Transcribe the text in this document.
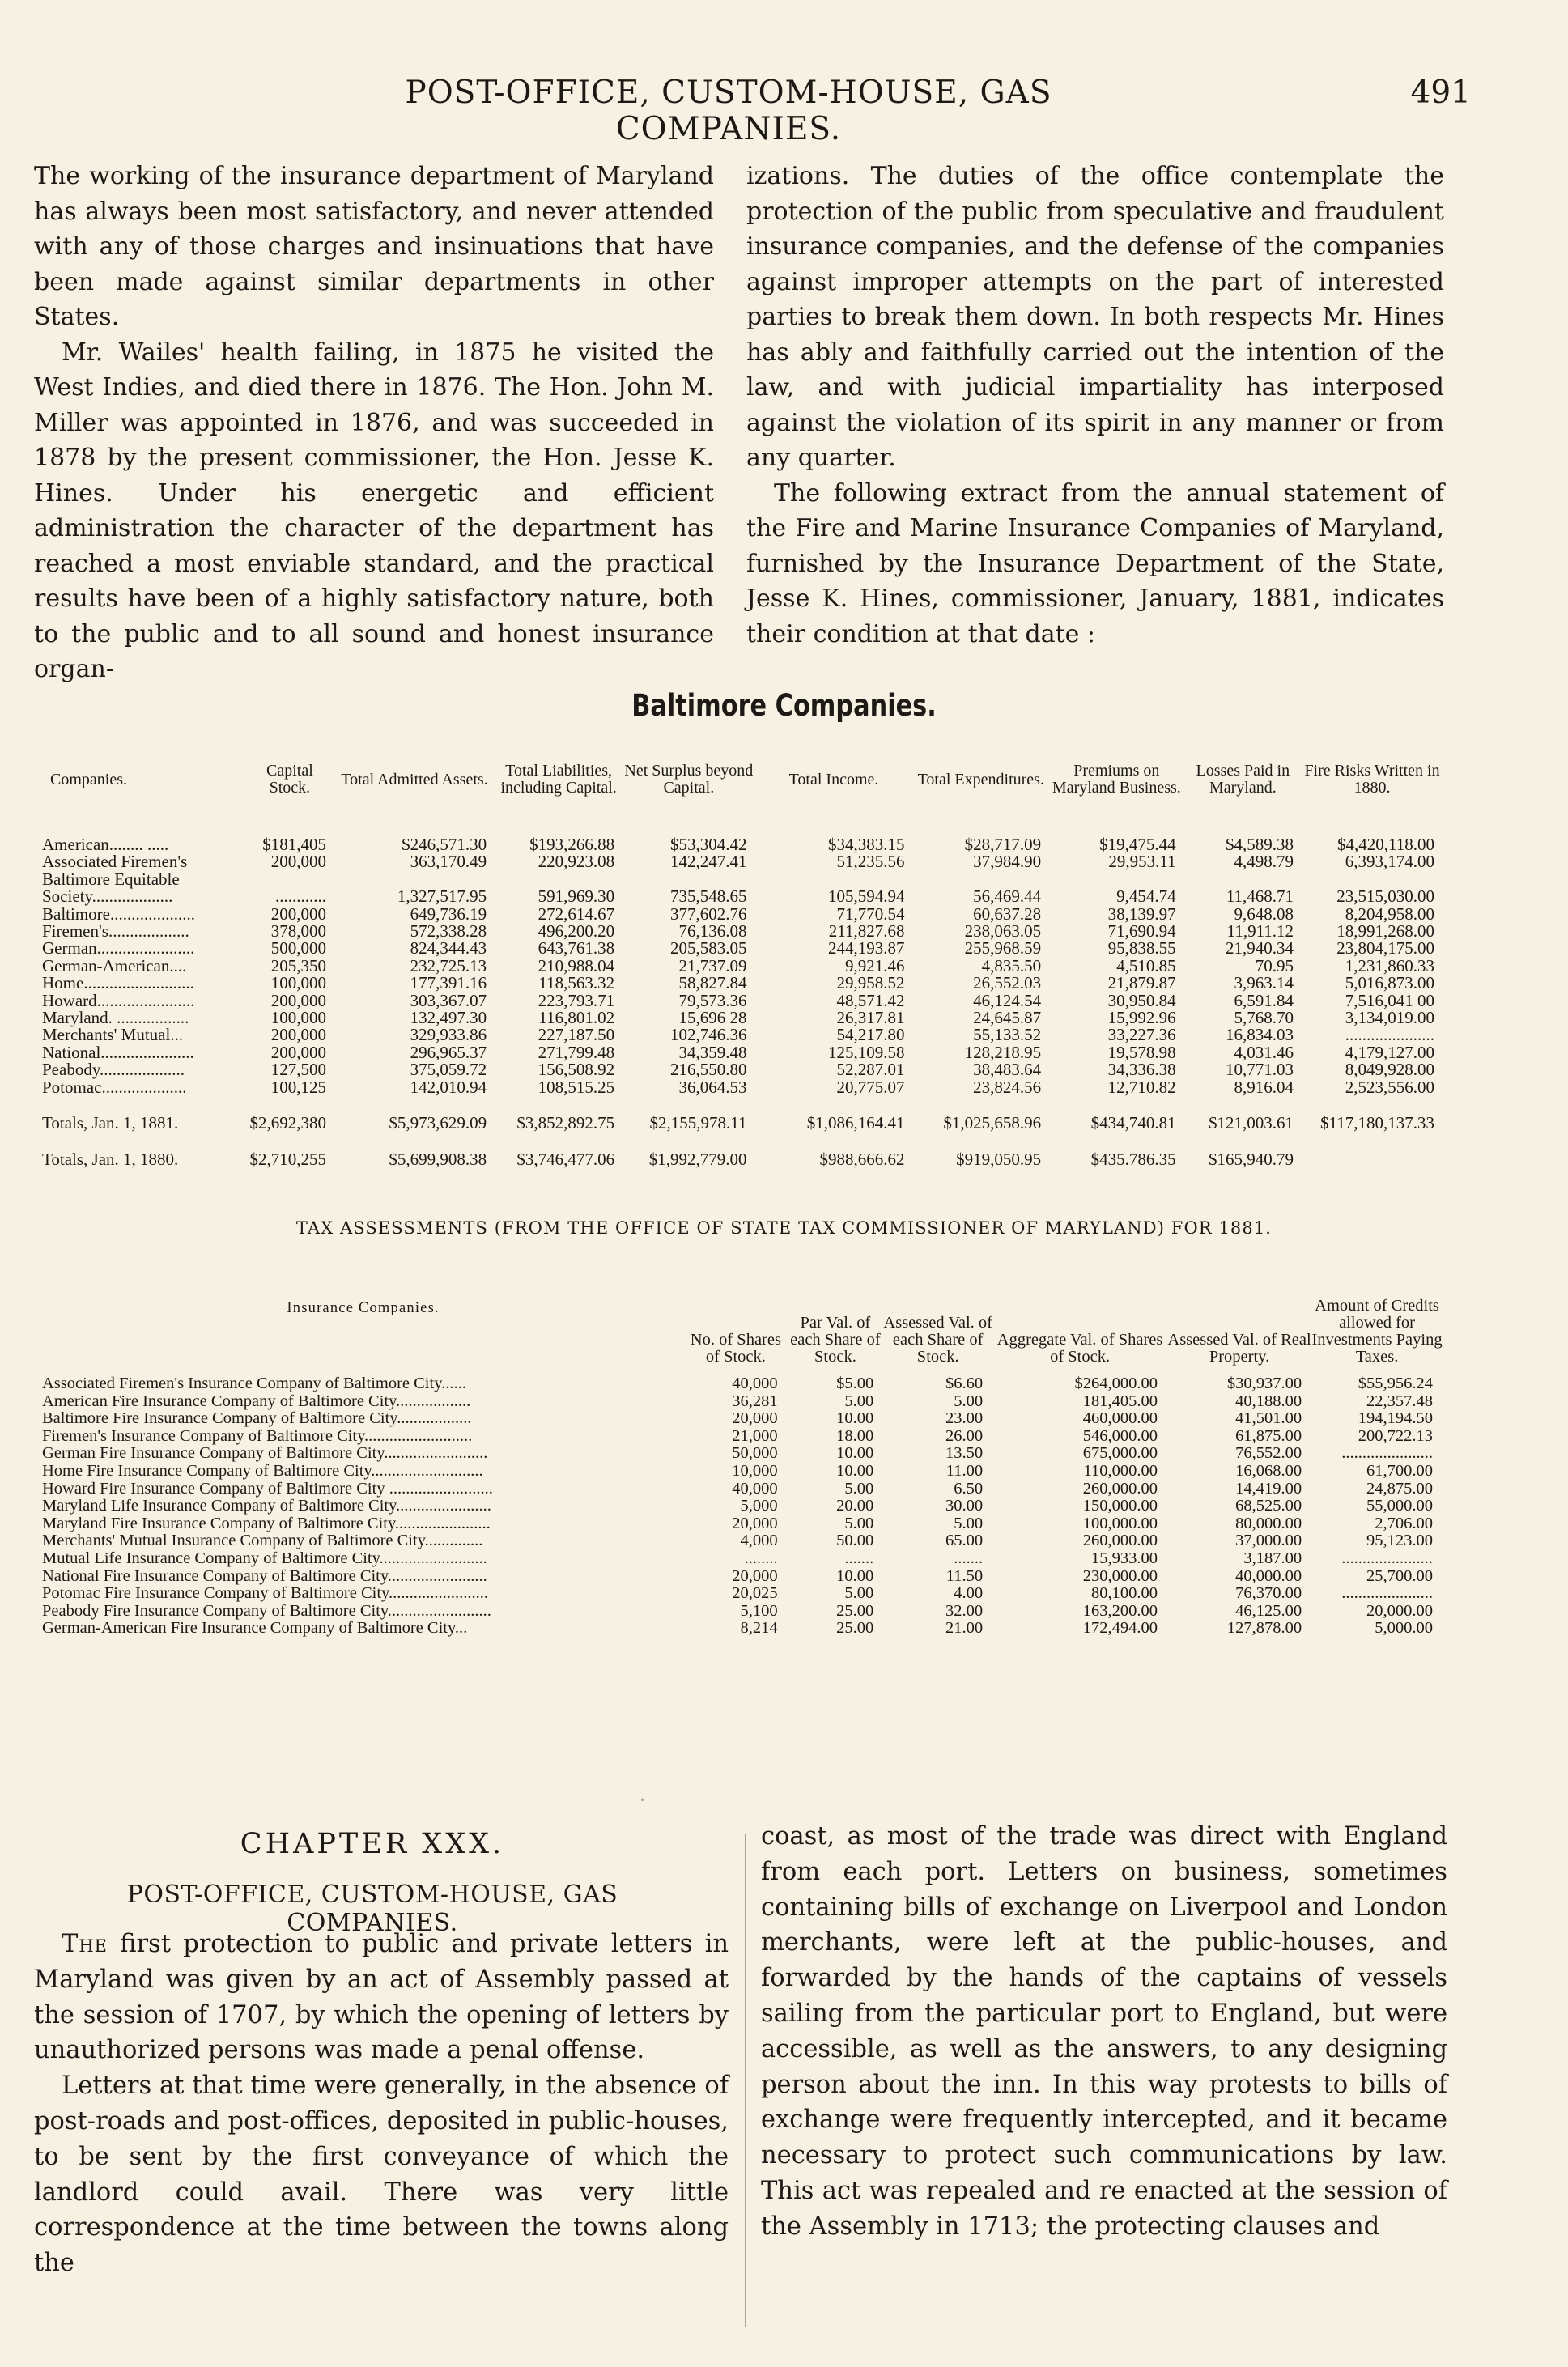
POST-OFFICE, CUSTOM-HOUSE, GAS COMPANIES.
491

The working of the insurance department of Maryland has always been most satisfactory, and never attended with any of those charges and insinuations that have been made against similar departments in other States.

Mr. Wailes' health failing, in 1875 he visited the West Indies, and died there in 1876. The Hon. John M. Miller was appointed in 1876, and was succeeded in 1878 by the present commissioner, the Hon. Jesse K. Hines. Under his energetic and efficient administration the character of the department has reached a most enviable standard, and the practical results have been of a highly satisfactory nature, both to the public and to all sound and honest insurance organ-

izations. The duties of the office contemplate the protection of the public from speculative and fraudulent insurance companies, and the defense of the companies against improper attempts on the part of interested parties to break them down. In both respects Mr. Hines has ably and faithfully carried out the intention of the law, and with judicial impartiality has interposed against the violation of its spirit in any manner or from any quarter.

The following extract from the annual statement of the Fire and Marine Insurance Companies of Maryland, furnished by the Insurance Department of the State, Jesse K. Hines, commissioner, January, 1881, indicates their condition at that date :

Baltimore Companies.
Companies.	Capital Stock.	Total Admitted Assets.	Total Liabilities, including Capital.	Net Surplus beyond Capital.	Total Income.	Total Expenditures.	Premiums on Maryland Business.	Losses Paid in Maryland.	Fire Risks Written in 1880.

American........ .....	$181,405	$246,571.30	$193,266.88	$53,304.42	$34,383.15	$28,717.09	$19,475.44	$4,589.38	$4,420,118.00
Associated Firemen's	200,000	363,170.49	220,923.08	142,247.41	51,235.56	37,984.90	29,953.11	4,498.79	6,393,174.00
Baltimore Equitable									
Society...................	............	1,327,517.95	591,969.30	735,548.65	105,594.94	56,469.44	9,454.74	11,468.71	23,515,030.00
Baltimore....................	200,000	649,736.19	272,614.67	377,602.76	71,770.54	60,637.28	38,139.97	9,648.08	8,204,958.00
Firemen's...................	378,000	572,338.28	496,200.20	76,136.08	211,827.68	238,063.05	71,690.94	11,911.12	18,991,268.00
German.......................	500,000	824,344.43	643,761.38	205,583.05	244,193.87	255,968.59	95,838.55	21,940.34	23,804,175.00
German-American....	205,350	232,725.13	210,988.04	21,737.09	9,921.46	4,835.50	4,510.85	70.95	1,231,860.33
Home..........................	100,000	177,391.16	118,563.32	58,827.84	29,958.52	26,552.03	21,879.87	3,963.14	5,016,873.00
Howard.......................	200,000	303,367.07	223,793.71	79,573.36	48,571.42	46,124.54	30,950.84	6,591.84	7,516,041 00
Maryland. .................	100,000	132,497.30	116,801.02	15,696 28	26,317.81	24,645.87	15,992.96	5,768.70	3,134,019.00
Merchants' Mutual...	200,000	329,933.86	227,187.50	102,746.36	54,217.80	55,133.52	33,227.36	16,834.03	.....................
National......................	200,000	296,965.37	271,799.48	34,359.48	125,109.58	128,218.95	19,578.98	4,031.46	4,179,127.00
Peabody....................	127,500	375,059.72	156,508.92	216,550.80	52,287.01	38,483.64	34,336.38	10,771.03	8,049,928.00
Potomac....................	100,125	142,010.94	108,515.25	36,064.53	20,775.07	23,824.56	12,710.82	8,916.04	2,523,556.00

Totals, Jan. 1, 1881.	$2,692,380	$5,973,629.09	$3,852,892.75	$2,155,978.11	$1,086,164.41	$1,025,658.96	$434,740.81	$121,003.61	$117,180,137.33

Totals, Jan. 1, 1880.	$2,710,255	$5,699,908.38	$3,746,477.06	$1,992,779.00	$988,666.62	$919,050.95	$435.786.35	$165,940.79	
TAX ASSESSMENTS (FROM THE OFFICE OF STATE TAX COMMISSIONER OF MARYLAND) FOR 1881.
Insurance Companies.	No. of Shares of Stock.	Par Val. of each Share of Stock.	Assessed Val. of each Share of Stock.	Aggregate Val. of Shares of Stock.	Assessed Val. of Real Property.	Amount of Credits allowed for Investments Paying Taxes.

Associated Firemen's Insurance Company of Baltimore City......	40,000	$5.00	$6.60	$264,000.00	$30,937.00	$55,956.24
American Fire Insurance Company of Baltimore City..................	36,281	5.00	5.00	181,405.00	40,188.00	22,357.48
Baltimore Fire Insurance Company of Baltimore City..................	20,000	10.00	23.00	460,000.00	41,501.00	194,194.50
Firemen's Insurance Company of Baltimore City..........................	21,000	18.00	26.00	546,000.00	61,875.00	200,722.13
German Fire Insurance Company of Baltimore City.........................	50,000	10.00	13.50	675,000.00	76,552.00	......................
Home Fire Insurance Company of Baltimore City...........................	10,000	10.00	11.00	110,000.00	16,068.00	61,700.00
Howard Fire Insurance Company of Baltimore City .........................	40,000	5.00	6.50	260,000.00	14,419.00	24,875.00
Maryland Life Insurance Company of Baltimore City.......................	5,000	20.00	30.00	150,000.00	68,525.00	55,000.00
Maryland Fire Insurance Company of Baltimore City.......................	20,000	5.00	5.00	100,000.00	80,000.00	2,706.00
Merchants' Mutual Insurance Company of Baltimore City..............	4,000	50.00	65.00	260,000.00	37,000.00	95,123.00
Mutual Life Insurance Company of Baltimore City..........................	........	.......	.......	15,933.00	3,187.00	......................
National Fire Insurance Company of Baltimore City........................	20,000	10.00	11.50	230,000.00	40,000.00	25,700.00
Potomac Fire Insurance Company of Baltimore City........................	20,025	5.00	4.00	80,100.00	76,370.00	......................
Peabody Fire Insurance Company of Baltimore City.........................	5,100	25.00	32.00	163,200.00	46,125.00	20,000.00
German-American Fire Insurance Company of Baltimore City...	8,214	25.00	21.00	172,494.00	127,878.00	5,000.00
•
CHAPTER XXX.
POST-OFFICE, CUSTOM-HOUSE, GAS COMPANIES.

The first protection to public and private letters in Maryland was given by an act of Assembly passed at the session of 1707, by which the opening of letters by unauthorized persons was made a penal offense.

Letters at that time were generally, in the absence of post-roads and post-offices, deposited in public-houses, to be sent by the first conveyance of which the landlord could avail. There was very little correspondence at the time between the towns along the

coast, as most of the trade was direct with England from each port. Letters on business, sometimes containing bills of exchange on Liverpool and London merchants, were left at the public-houses, and forwarded by the hands of the captains of vessels sailing from the particular port to England, but were accessible, as well as the answers, to any designing person about the inn. In this way protests to bills of exchange were frequently intercepted, and it became necessary to protect such communications by law. This act was repealed and re enacted at the session of the Assembly in 1713; the protecting clauses and
